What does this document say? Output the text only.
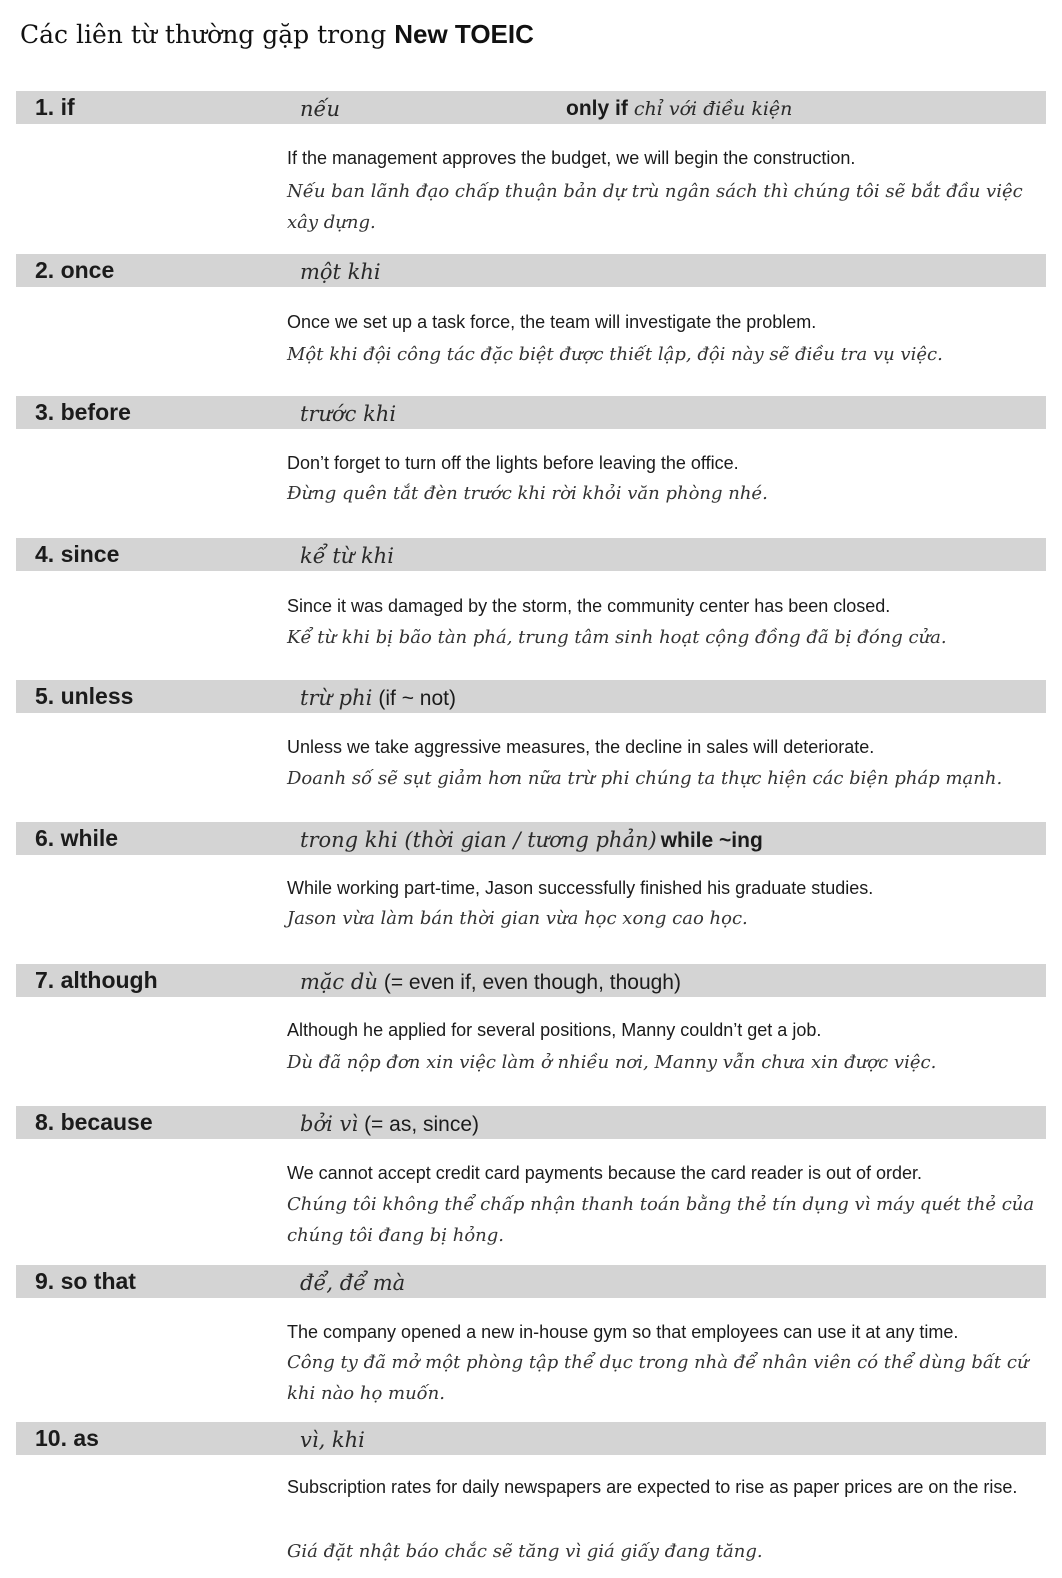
Các liên từ thường gặp trong New TOEIC
1. if	nếu	only if chỉ với điều kiện
If the management approves the budget, we will begin the construction.
Nếu ban lãnh đạo chấp thuận bản dự trù ngân sách thì chúng tôi sẽ bắt đầu việc xây dựng.
2. once	một khi
Once we set up a task force, the team will investigate the problem.
Một khi đội công tác đặc biệt được thiết lập, đội này sẽ điều tra vụ việc.
3. before	trước khi
Don’t forget to turn off the lights before leaving the office.
Đừng quên tắt đèn trước khi rời khỏi văn phòng nhé.
4. since	kể từ khi
Since it was damaged by the storm, the community center has been closed.
Kể từ khi bị bão tàn phá, trung tâm sinh hoạt cộng đồng đã bị đóng cửa.
5. unless	trừ phi (if ~ not)
Unless we take aggressive measures, the decline in sales will deteriorate.
Doanh số sẽ sụt giảm hơn nữa trừ phi chúng ta thực hiện các biện pháp mạnh.
6. while	trong khi (thời gian / tương phản) while ~ing
While working part-time, Jason successfully finished his graduate studies.
Jason vừa làm bán thời gian vừa học xong cao học.
7. although	mặc dù (= even if, even though, though)
Although he applied for several positions, Manny couldn’t get a job.
Dù đã nộp đơn xin việc làm ở nhiều nơi, Manny vẫn chưa xin được việc.
8. because	bởi vì (= as, since)
We cannot accept credit card payments because the card reader is out of order.
Chúng tôi không thể chấp nhận thanh toán bằng thẻ tín dụng vì máy quét thẻ của chúng tôi đang bị hỏng.
9. so that	để, để mà
The company opened a new in-house gym so that employees can use it at any time.
Công ty đã mở một phòng tập thể dục trong nhà để nhân viên có thể dùng bất cứ khi nào họ muốn.
10. as	vì, khi
Subscription rates for daily newspapers are expected to rise as paper prices are on the rise.
Giá đặt nhật báo chắc sẽ tăng vì giá giấy đang tăng.
